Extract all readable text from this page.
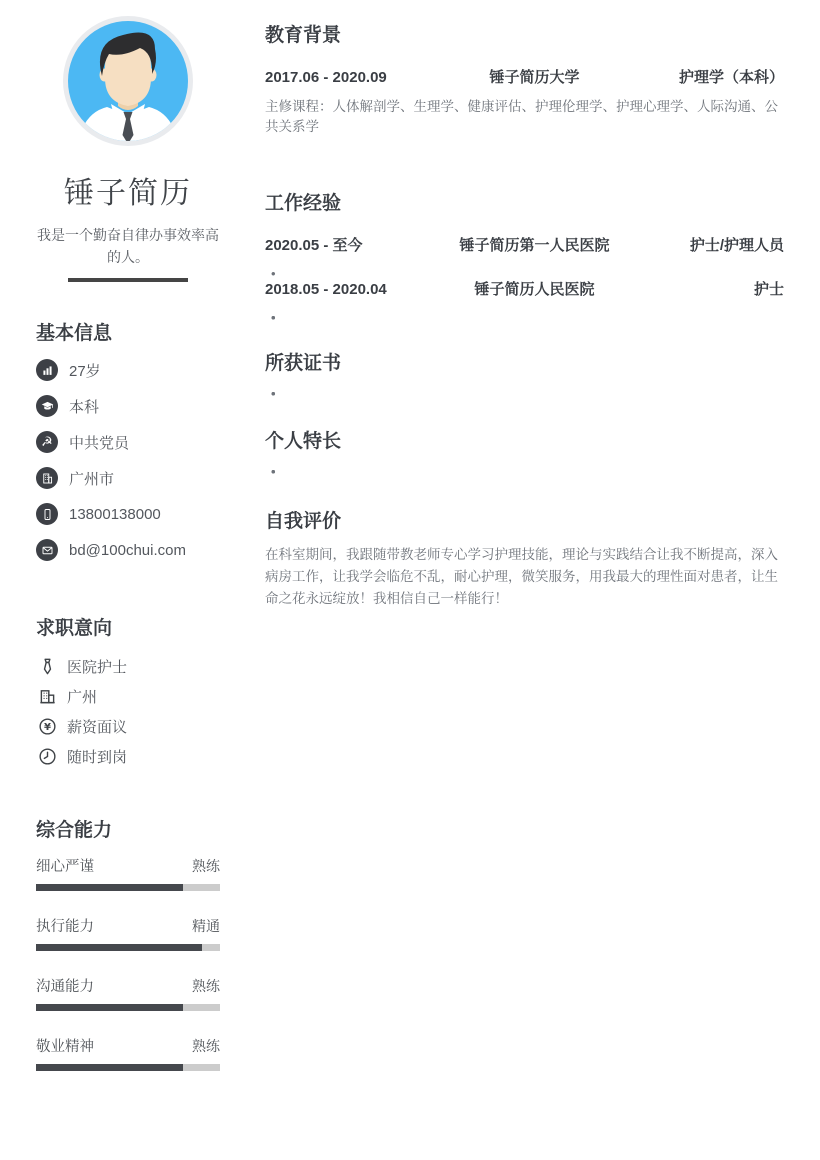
锤子简历

我是一个勤奋自律办事效率高的人。

基本信息
27岁
本科
☭ 中共党员
广州市
13800138000
bd@100chui.com
求职意向
医院护士
广州
¥ 薪资面议
随时到岗
综合能力
细心严谨	熟练
执行能力	精通
沟通能力	熟练
敬业精神	熟练
教育背景
2017.06 - 2020.09	锤子简历大学	护理学（本科）

主修课程：人体解剖学、生理学、健康评估、护理伦理学、护理心理学、人际沟通、公共关系学

工作经验
2020.05 - 至今	锤子简历第一人民医院	护士/护理人员
2018.05 - 2020.04	锤子简历人民医院	护士
所获证书
个人特长
自我评价

在科室期间，我跟随带教老师专心学习护理技能，理论与实践结合让我不断提高，深入病房工作，让我学会临危不乱，耐心护理，微笑服务，用我最大的理性面对患者，让生命之花永远绽放！我相信自己一样能行！
